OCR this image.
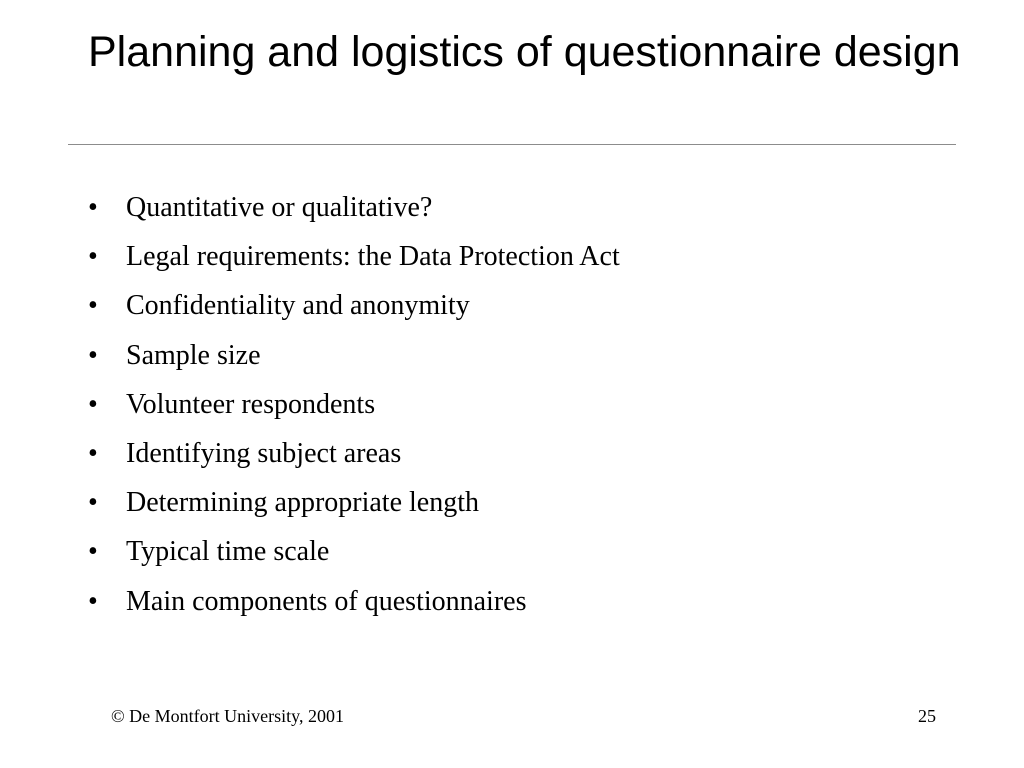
Planning and logistics of questionnaire design
•	Quantitative or qualitative?
•	Legal requirements: the Data Protection Act
•	Confidentiality and anonymity
•	Sample size
•	Volunteer respondents
•	Identifying subject areas
•	Determining appropriate length
•	Typical time scale
•	Main components of questionnaires
© De Montfort University, 2001	25
